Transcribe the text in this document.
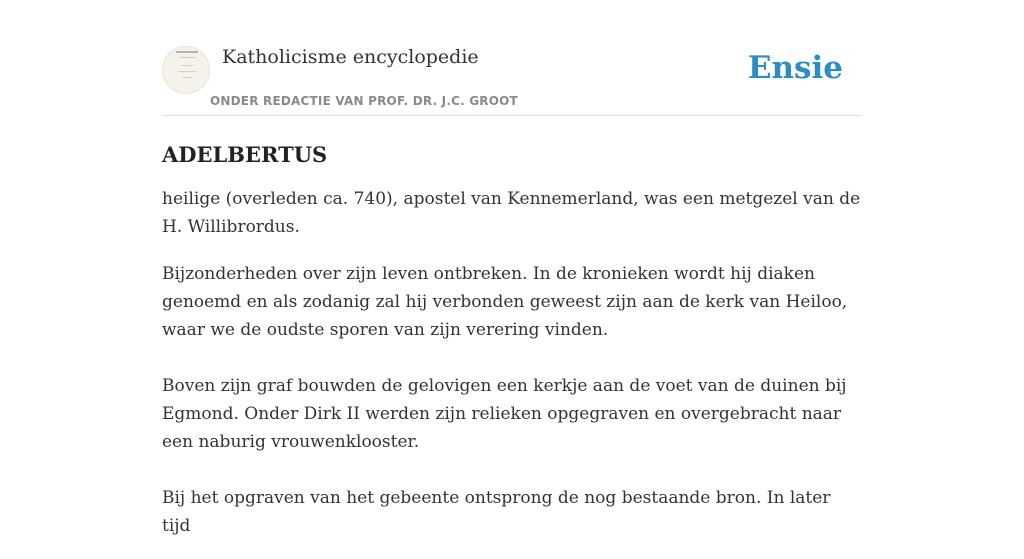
Katholicisme encyclopedie
ONDER REDACTIE VAN PROF. DR. J.C. GROOT
Ensie
ADELBERTUS

heilige (overleden ca. 740), apostel van Kennemerland, was een metgezel van de H. Willibrordus.

Bijzonderheden over zijn leven ontbreken. In de kronieken wordt hij diaken genoemd en als zodanig zal hij verbonden geweest zijn aan de kerk van Heiloo, waar we de oudste sporen van zijn verering vinden.

Boven zijn graf bouwden de gelovigen een kerkje aan de voet van de duinen bij Egmond. Onder Dirk II werden zijn relieken opgegraven en overgebracht naar een naburig vrouwenklooster.

Bij het opgraven van het gebeente ontsprong de nog bestaande bron. In later tijd
